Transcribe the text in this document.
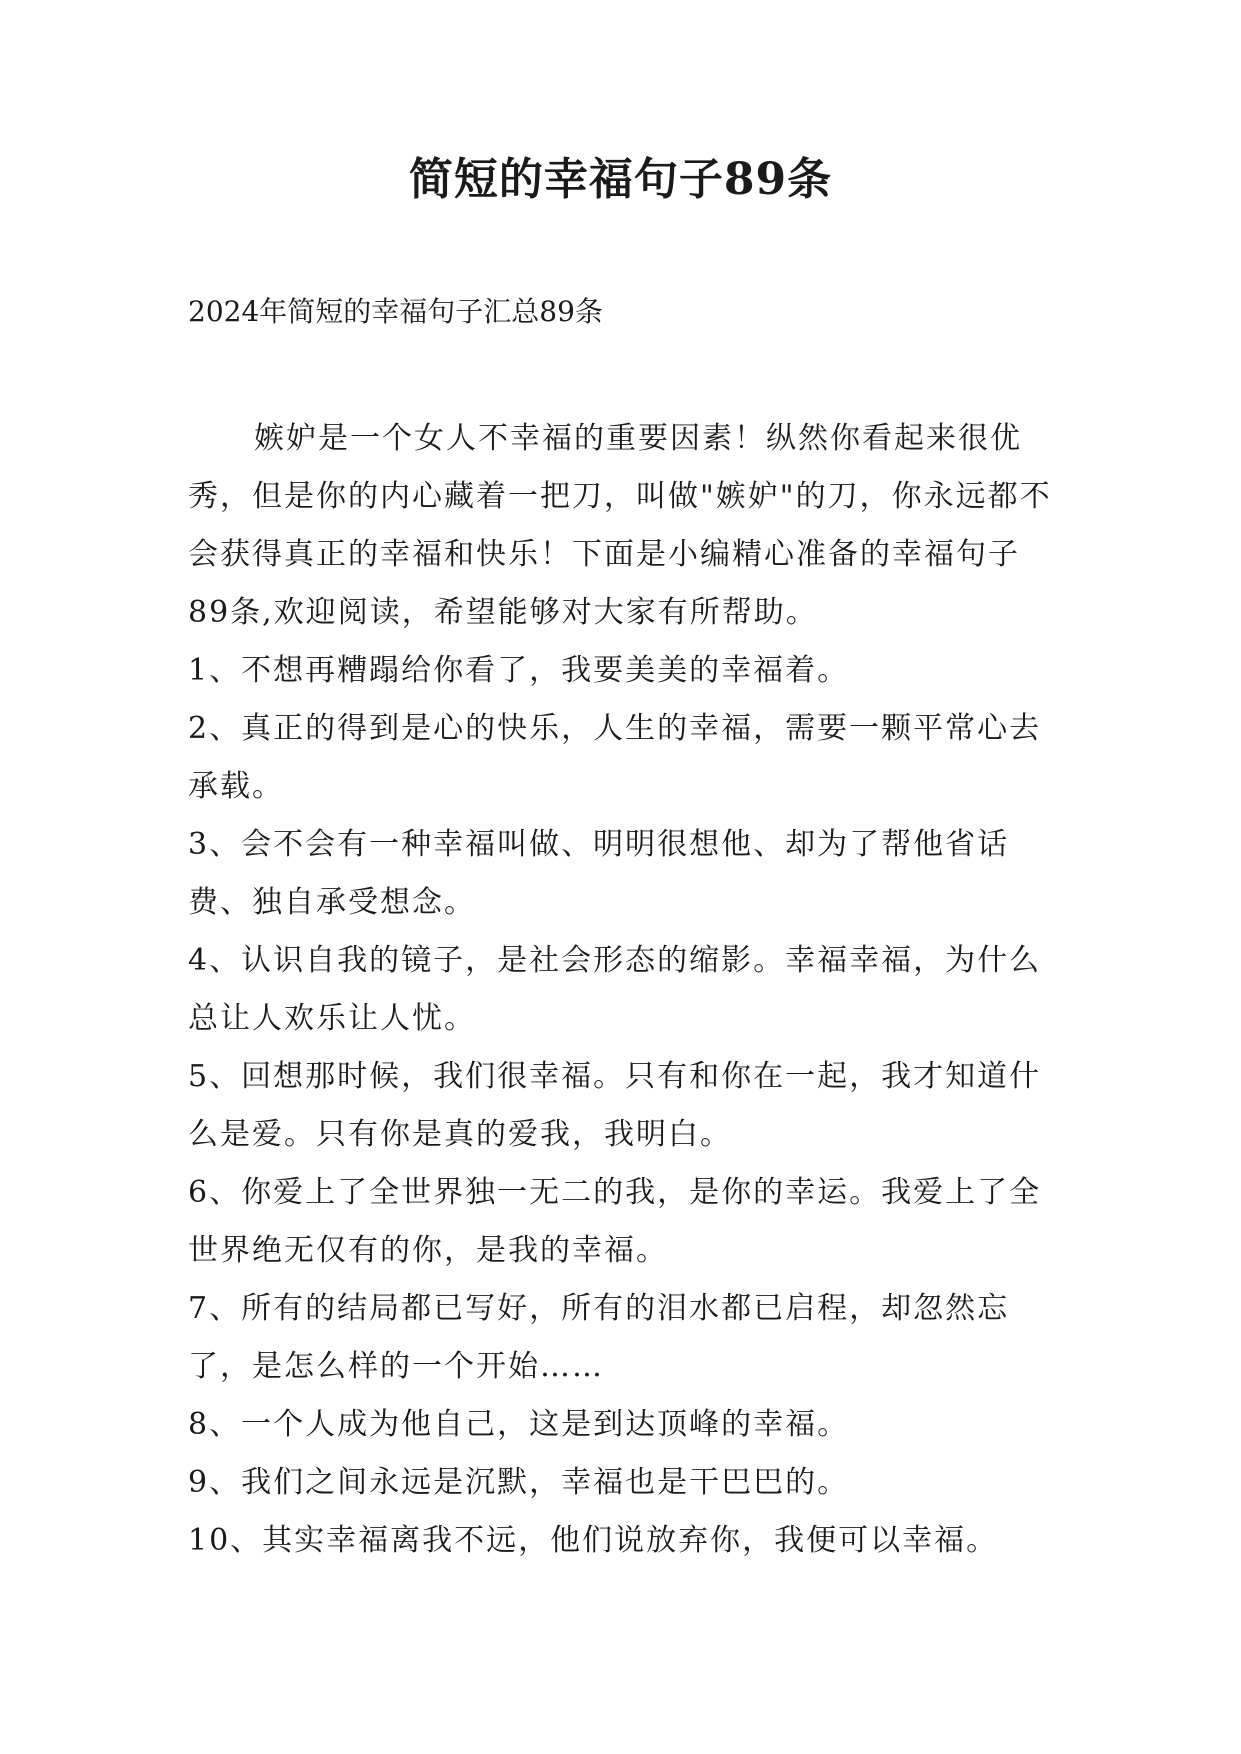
简短的幸福句子89条

2024年简短的幸福句子汇总89条

嫉妒是一个女人不幸福的重要因素！纵然你看起来很优秀，但是你的内心藏着一把刀，叫做"嫉妒"的刀，你永远都不会获得真正的幸福和快乐！下面是小编精心准备的幸福句子89条,欢迎阅读，希望能够对大家有所帮助。

1、不想再糟蹋给你看了，我要美美的幸福着。

2、真正的得到是心的快乐，人生的幸福，需要一颗平常心去承载。

3、会不会有一种幸福叫做、明明很想他、却为了帮他省话费、独自承受想念。

4、认识自我的镜子，是社会形态的缩影。幸福幸福，为什么总让人欢乐让人忧。

5、回想那时候，我们很幸福。只有和你在一起，我才知道什么是爱。只有你是真的爱我，我明白。

6、你爱上了全世界独一无二的我，是你的幸运。我爱上了全世界绝无仅有的你，是我的幸福。

7、所有的结局都已写好，所有的泪水都已启程，却忽然忘了，是怎么样的一个开始……

8、一个人成为他自己，这是到达顶峰的幸福。

9、我们之间永远是沉默，幸福也是干巴巴的。

10、其实幸福离我不远，他们说放弃你，我便可以幸福。
